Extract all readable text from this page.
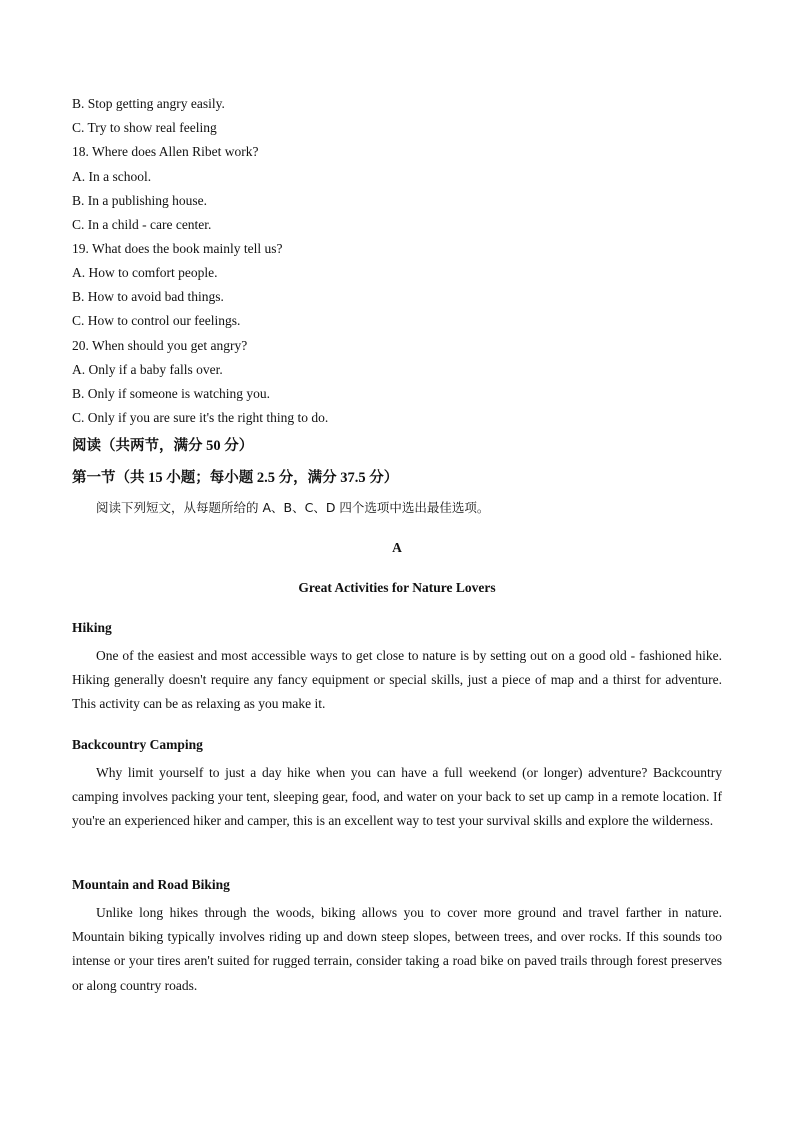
B. Stop getting angry easily.
C. Try to show real feeling
18. Where does Allen Ribet work?
A. In a school.
B. In a publishing house.
C. In a child - care center.
19. What does the book mainly tell us?
A. How to comfort people.
B. How to avoid bad things.
C. How to control our feelings.
20. When should you get angry?
A. Only if a baby falls over.
B. Only if someone is watching you.
C. Only if you are sure it's the right thing to do.
阅读（共两节，满分 50 分）
第一节（共 15 小题；每小题 2.5 分，满分 37.5 分）
阅读下列短文，从每题所给的 A、B、C、D 四个选项中选出最佳选项。
A
Great Activities for Nature Lovers
Hiking
One of the easiest and most accessible ways to get close to nature is by setting out on a good old - fashioned hike. Hiking generally doesn't require any fancy equipment or special skills, just a piece of map and a thirst for adventure. This activity can be as relaxing as you make it.
Backcountry Camping
Why limit yourself to just a day hike when you can have a full weekend (or longer) adventure? Backcountry camping involves packing your tent, sleeping gear, food, and water on your back to set up camp in a remote location. If you're an experienced hiker and camper, this is an excellent way to test your survival skills and explore the wilderness.
Mountain and Road Biking
Unlike long hikes through the woods, biking allows you to cover more ground and travel farther in nature. Mountain biking typically involves riding up and down steep slopes, between trees, and over rocks. If this sounds too intense or your tires aren't suited for rugged terrain, consider taking a road bike on paved trails through forest preserves or along country roads.
